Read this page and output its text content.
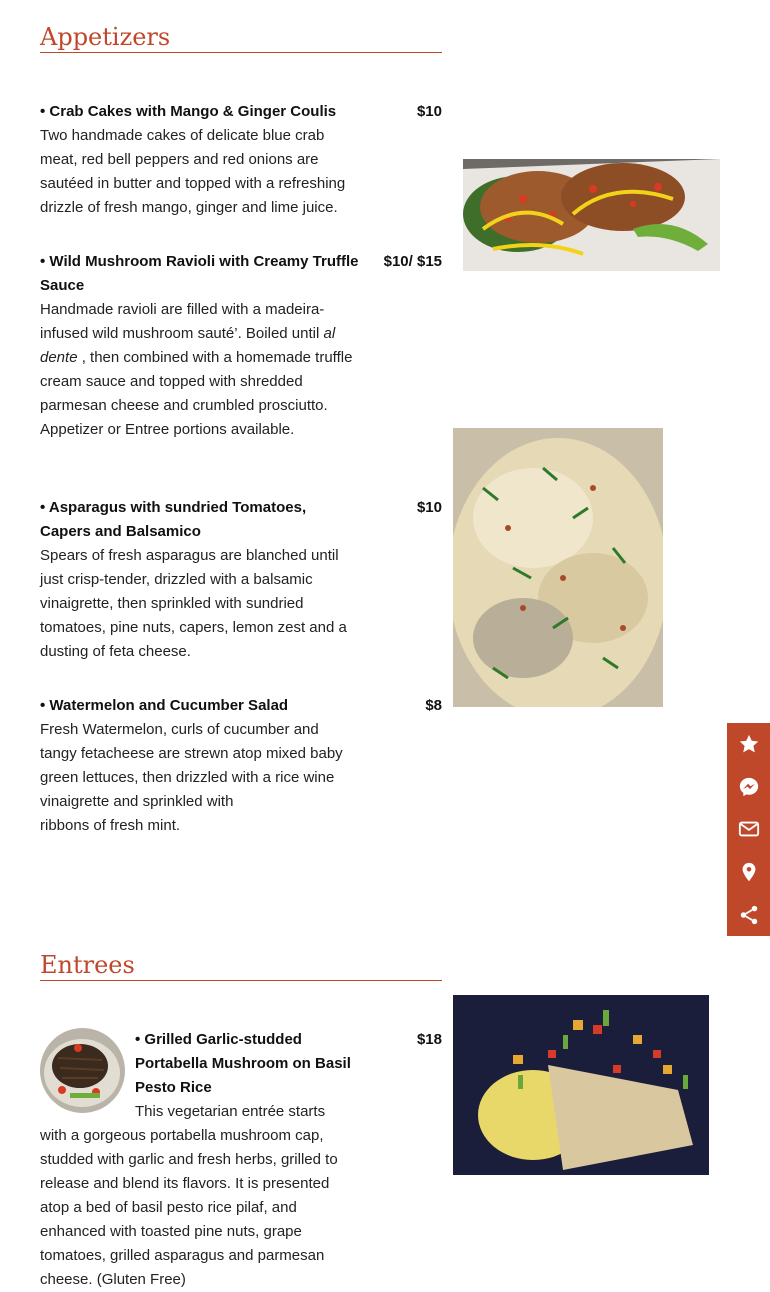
Appetizers
• Crab Cakes with Mango & Ginger Coulis	$10
Two handmade cakes of delicate blue crab meat, red bell peppers and red onions are sautéed in butter and topped with a refreshing drizzle of fresh mango, ginger and lime juice.
• Wild Mushroom Ravioli with Creamy Truffle Sauce
$10/ $15
Handmade ravioli are filled with a madeira-infused wild mushroom sauté’. Boiled until al dente , then combined with a homemade truffle cream sauce and topped with shredded parmesan cheese and crumbled prosciutto. Appetizer or Entree portions available.
• Asparagus with sundried Tomatoes, Capers and Balsamico
$10
Spears of fresh asparagus are blanched until just crisp-tender, drizzled with a balsamic vinaigrette, then sprinkled with sundried tomatoes, pine nuts, capers, lemon zest and a dusting of feta cheese.
• Watermelon and Cucumber Salad	$8
Fresh Watermelon, curls of cucumber and tangy fetacheese are strewn atop mixed baby green lettuces, then drizzled with a rice wine vinaigrette and sprinkled with
ribbons of fresh mint.
Entrees
• Grilled Garlic-studded Portabella Mushroom on Basil Pesto Rice
This vegetarian entrée starts with a gorgeous portabella mushroom cap, studded with garlic and fresh herbs, grilled to release and blend its flavors. It is presented atop a bed of basil pesto rice pilaf, and enhanced with toasted pine nuts, grape tomatoes, grilled asparagus and parmesan cheese. (Gluten Free)
$18
